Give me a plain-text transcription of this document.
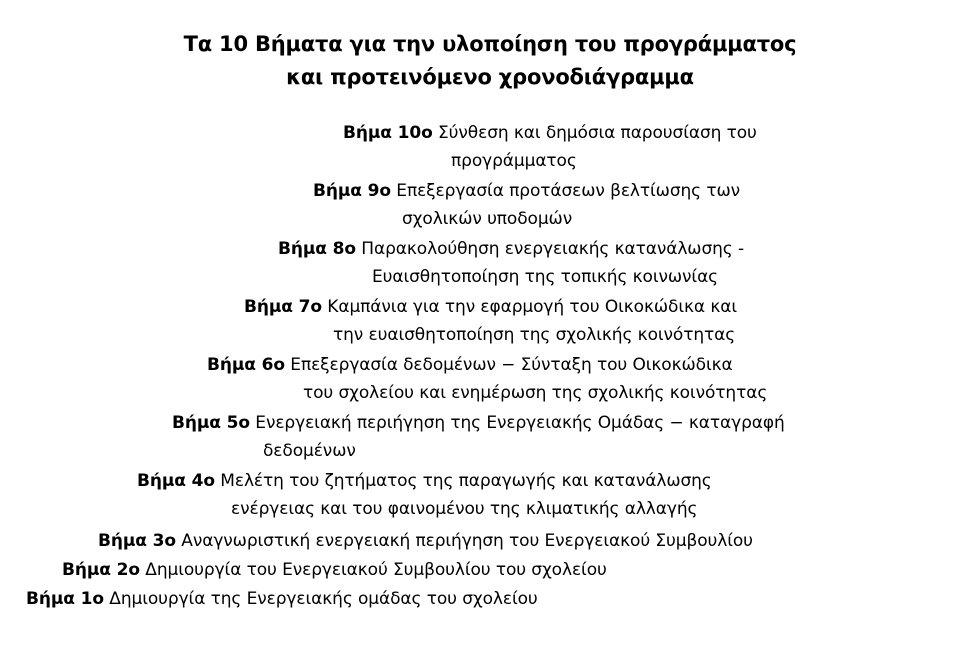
Τα 10 Βήματα για την υλοποίηση του προγράμματος
και προτεινόμενο χρονοδιάγραμμα
Βήμα 10ο Σύνθεση και δημόσια παρουσίαση του
προγράμματος
Βήμα 9ο Επεξεργασία προτάσεων βελτίωσης των
σχολικών υποδομών
Βήμα 8ο Παρακολούθηση ενεργειακής κατανάλωσης -
Ευαισθητοποίηση της τοπικής κοινωνίας
Βήμα 7ο Καμπάνια για την εφαρμογή του Οικοκώδικα και
την ευαισθητοποίηση της σχολικής κοινότητας
Βήμα 6ο Επεξεργασία δεδομένων − Σύνταξη του Οικοκώδικα
του σχολείου και ενημέρωση της σχολικής κοινότητας
Βήμα 5ο Ενεργειακή περιήγηση της Ενεργειακής Ομάδας − καταγραφή
δεδομένων
Βήμα 4ο Μελέτη του ζητήματος της παραγωγής και κατανάλωσης
ενέργειας και του φαινομένου της κλιματικής αλλαγής
Βήμα 3ο Αναγνωριστική ενεργειακή περιήγηση του Ενεργειακού Συμβουλίου
Βήμα 2ο Δημιουργία του Ενεργειακού Συμβουλίου του σχολείου
Βήμα 1ο Δημιουργία της Ενεργειακής ομάδας του σχολείου
